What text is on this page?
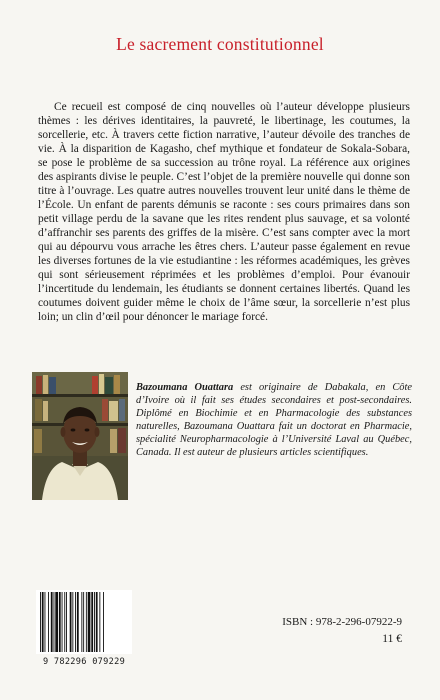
Le sacrement constitutionnel

Ce recueil est composé de cinq nouvelles où l’auteur développe plusieurs thèmes : les dérives identitaires, la pauvreté, le libertinage, les coutumes, la sorcellerie, etc. À travers cette fiction narrative, l’auteur dévoile des tranches de vie. À la disparition de Kagasho, chef mythique et fondateur de Sokala-Sobara, se pose le problème de sa succession au trône royal. La référence aux origines des aspirants divise le peuple. C’est l’objet de la première nouvelle qui donne son titre à l’ouvrage. Les quatre autres nouvelles trouvent leur unité dans le thème de l’École. Un enfant de parents démunis se raconte : ses cours primaires dans son petit village perdu de la savane que les rites rendent plus sauvage, et sa volonté d’affranchir ses parents des griffes de la misère. C’est sans compter avec la mort qui au dépourvu vous arrache les êtres chers. L’auteur passe également en revue les diverses fortunes de la vie estudiantine : les réformes académiques, les grèves qui sont sérieusement réprimées et les problèmes d’emploi. Pour évanouir l’incertitude du lendemain, les étudiants se donnent certaines libertés. Quand les coutumes doivent guider même le choix de l’âme sœur, la sorcellerie n’est plus loin; un clin d’œil pour dénoncer le mariage forcé.

Bazoumana Ouattara est originaire de Dabakala, en Côte d’Ivoire où il fait ses études secondaires et post-secondaires. Diplômé en Biochimie et en Pharmacologie des substances naturelles, Bazoumana Ouattara fait un doctorat en Pharmacie, spécialité Neuropharmacologie à l’Université Laval au Québec, Canada. Il est auteur de plusieurs articles scientifiques.

9 782296 079229
ISBN : 978-2-296-07922-9
11 €
